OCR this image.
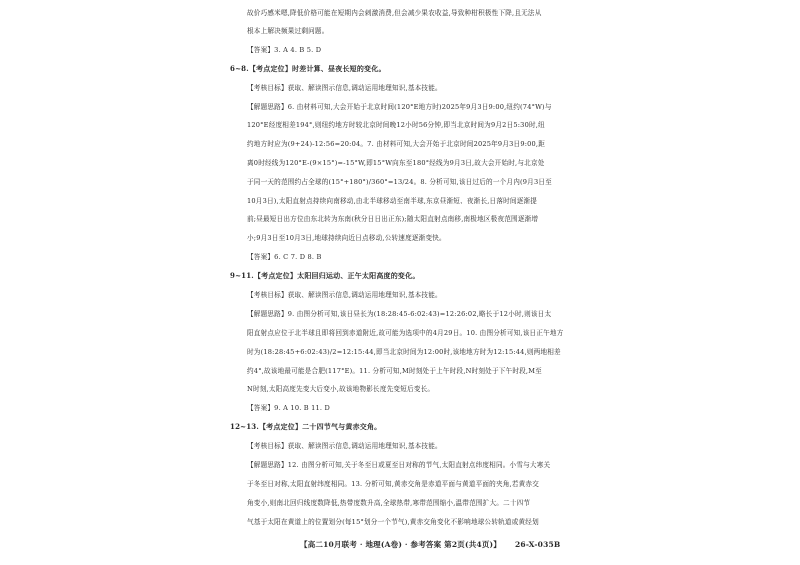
故价巧感米嗯,降低价格可能在短期内会刺激消费,但会减少果农收益,导致种柑积极性下降,且无法从
根本上解决频果过剩问题。
【答案】3. A 4. B 5. D
6~8.【考点定位】时差计算、昼夜长短的变化。
【考核目标】获取、解读图示信息,调动运用地理知识,基本技能。
【解题思路】6. 由材料可知,大会开始于北京时间(120°E地方时)2025年9月3日9:00,纽约(74°W)与
120°E经度相差194°,则纽约地方时较北京时间晚12小时56分钟,即当北京时间为9月2日5:30时,纽
约地方时应为(9+24)-12:56=20:04。7. 由材料可知,大会开始于北京时间2025年9月3日9:00,距
离0时经线为120°E-(9×15°)=-15°W,即15°W向东至180°经线为9月3日,故大会开始时,与北京处
于同一天的范围约占全球的(15°+180°)/360°=13/24。8. 分析可知,该日过后的一个月内(9月3日至
10月3日),太阳直射点持续向南移动,由北半球移动至南半球,东京昼渐短、夜渐长,日落时间逐渐提
前;昼最短日出方位由东北转为东南(秋分日日出正东);随太阳直射点南移,南极地区极夜范围逐渐增
小;9月3日至10月3日,地球持续向近日点移动,公转速度逐渐变快。
【答案】6. C 7. D 8. B
9~11.【考点定位】太阳回归运动、正午太阳高度的变化。
【考核目标】获取、解读图示信息,调动运用地理知识,基本技能。
【解题思路】9. 由图分析可知,该日昼长为(18:28:45-6:02:43)=12:26:02,略长于12小时,则该日太
阳直射点应位于北半球且即将回到赤道附近,故可能为选项中的4月29日。10. 由图分析可知,该日正午地方
时为(18:28:45+6:02:43)/2=12:15:44,即当北京时间为12:00时,该地地方时为12:15:44,则两地相差
约4°,故该地最可能是合肥(117°E)。11. 分析可知,M时刻处于上午时段,N时刻处于下午时段,M至
N时刻,太阳高度先变大后变小,故该地物影长度先变短后变长。
【答案】9. A 10. B 11. D
12~13.【考点定位】二十四节气与黄赤交角。
【考核目标】获取、解读图示信息,调动运用地理知识,基本技能。
【解题思路】12. 由图分析可知,关于冬至日或夏至日对称的节气,太阳直射点纬度相同。小雪与大寒关
于冬至日对称,太阳直射纬度相同。13. 分析可知,黄赤交角是赤道平面与黄道平面的夹角,若黄赤交
角变小,则南北回归线度数降低,热带度数升高,全球热带,寒带范围缩小,温带范围扩大。二十四节
气基于太阳在黄道上的位置划分(每15°划分一个节气),黄赤交角变化不影响地球公转轨道或黄经划
【高二10月联考 · 地理(A卷) · 参考答案 第2页(共4页)】 26-X-035B
